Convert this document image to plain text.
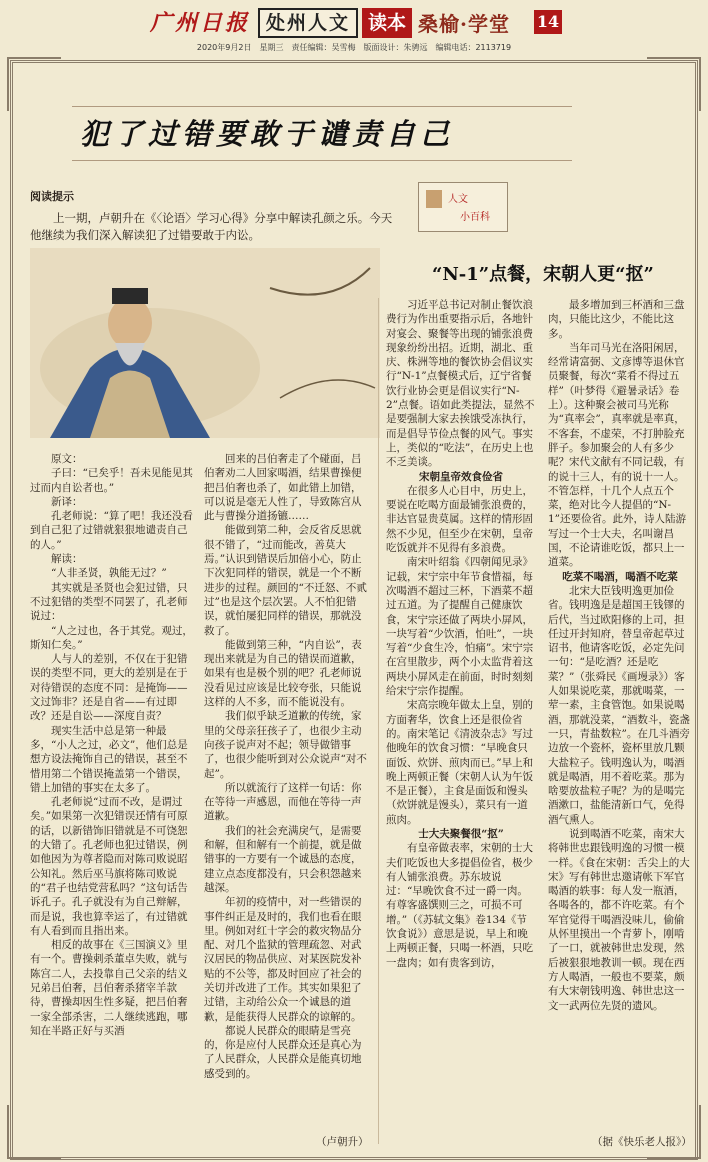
广州日报 处州人文 读本 桑榆·学堂 14
2020年9月2日　星期三　责任编辑：吴雪梅　版面设计：朱骋远　编辑电话：2113719
犯了过错要敢于谴责自己
阅读提示

上一期，卢朝升在《〈论语〉学习心得》分享中解读孔颜之乐。今天他继续为我们深入解读犯了过错要敢于内讼。

人文
小百科
“N-1”点餐，宋朝人更“抠”

原文：

子曰：“已矣乎！吾未见能见其过而内自讼者也。”

新译：

孔老师说：“算了吧！我还没看到自己犯了过错就狠狠地谴责自己的人。”

解读：

“人非圣贤，孰能无过？”

其实就是圣贤也会犯过错，只不过犯错的类型不同罢了，孔老师说过：

“人之过也，各于其党。观过，斯知仁矣。”

人与人的差别，不仅在于犯错误的类型不同，更大的差别是在于对待错误的态度不同：是掩饰——文过饰非？还是自省——有过即改？还是自讼——深度自责？

现实生活中总是第一种最多，“小人之过，必文”，他们总是想方设法掩饰自己的错误，甚至不惜用第二个错误掩盖第一个错误，错上加错的事实在太多了。

孔老师说“过而不改，是谓过矣。”如果第一次犯错误还情有可原的话，以新错饰旧错就是不可饶恕的大错了。孔老师也犯过错误，例如他因为为尊者隐而对陈司败说昭公知礼。然后巫马旗将陈司败说的“君子也结党营私吗？”这句话告诉孔子。孔子就没有为自己辩解，而是说，我也算幸运了，有过错就有人看到而且指出来。

相反的故事在《三国演义》里有一个。曹操刺杀董卓失败，就与陈宫二人，去投靠自己父亲的结义兄弟吕伯奢，吕伯奢杀猪宰羊款待，曹操却因生性多疑，把吕伯奢一家全部杀害，二人继续逃跑，哪知在半路正好与买酒

回来的吕伯奢走了个碰面，吕伯奢劝二人回家喝酒，结果曹操便把吕伯奢也杀了，如此错上加错，可以说是毫无人性了，导致陈宫从此与曹操分道扬镳……

能做到第二种，会反省反思就很不错了，“过而能改，善莫大焉。”认识到错误后加倍小心，防止下次犯同样的错误，就是一个不断进步的过程。颜回的“不迁怒、不贰过”也是这个层次罢。人不怕犯错误，就怕屡犯同样的错误，那就没救了。

能做到第三种，“内自讼”，表现出来就是为自己的错误而道歉，如果有也是极个别的吧？孔老师说没看见过应该是比较夸张，只能说这样的人不多，而不能说没有。

我们似乎缺乏道歉的传统，家里的父母亲狂孩子了，也很少主动向孩子说声对不起；领导做错事了，也很少能听到对公众说声“对不起”。

所以就流行了这样一句话：你在等待一声感恩，而他在等待一声道歉。

我们的社会充满戾气，是需要和解，但和解有一个前提，就是做错事的一方要有一个诚恳的态度，建立点态度都没有，只会积怨越来越深。

年初的疫情中，对一些错误的事件纠正是及时的，我们也看在眼里。例如对红十字会的救灾物品分配、对几个监狱的管理疏忽、对武汉居民的物品供应、对某医院发补贴的不公等，都及时回应了社会的关切并改进了工作。其实如果犯了过错，主动给公众一个诚恳的道歉，是能获得人民群众的谅解的。

都说人民群众的眼睛是雪亮的，你是应付人民群众还是真心为了人民群众，人民群众是能真切地感受到的。

习近平总书记对制止餐饮浪费行为作出重要指示后，各地针对宴会、聚餐等出现的铺张浪费现象纷纷出招。近期，湖北、重庆、株洲等地的餐饮协会倡议实行“N-1”点餐模式后，辽宁省餐饮行业协会更是倡议实行“N-2”点餐。语如此类提法，显然不是要强制大家去挨饿受冻执行，而是倡导节俭点餐的风气。事实上，类似的“吃法”，在历史上也不乏美谈。

宋朝皇帝效食俭省

在很多人心目中，历史上，要说在吃喝方面最铺张浪费的，非达官显贵莫属。这样的情形固然不少见，但至少在宋朝，皇帝吃饭就并不见得有多浪费。

南宋叶绍翁《四朝闻见录》记载，宋宁宗中年节食惜福，每次喝酒不超过三杯，下酒菜不超过五道。为了提醒自己健康饮食，宋宁宗还做了两块小屏风，一块写着“少饮酒，怕吐”，一块写着“少食生冷，怕痛”。宋宁宗在宫里散步，两个小太监背着这两块小屏风走在前面，时时刻刻给宋宁宗作提醒。

宋高宗晚年做太上皇，别的方面奢华，饮食上还是很俭省的。南宋笔记《清波杂志》写过他晚年的饮食习惯：“早晚食只面饭、炊饼、煎肉而已。”早上和晚上两顿正餐（宋朝人认为午饭不是正餐），主食是面饭和馒头（炊饼就是馒头），菜只有一道煎肉。

士大夫聚餐很“抠”

有皇帝做表率，宋朝的士大夫们吃饭也大多提倡俭省，极少有人铺张浪费。苏东坡说过：“早晚饮食不过一爵一肉。有尊客盛馔则三之，可损不可增。”（《苏轼文集》卷134《节饮食说》）意思是说，早上和晚上两顿正餐，只喝一杯酒，只吃一盘肉；如有贵客到访，

最多增加到三杯酒和三盘肉，只能比这少，不能比这多。

当年司马光在洛阳闲居，经常请富弼、文彦博等退休官员聚餐，每次“菜肴不得过五样”（叶梦得《避暑录话》卷上）。这种聚会被司马光称为“真率会”，真率就是率真，不客套，不虚荣，不打肿脸充胖子。参加聚会的人有多少呢？宋代文献有不同记载，有的说十三人，有的说十一人。不管怎样，十几个人点五个菜，绝对比今人提倡的“N-1”还要俭省。此外，诗人陆游写过一个士大夫，名叫谢昌国，不论请谁吃饭，都只上一道菜。

吃菜不喝酒，喝酒不吃菜

北宋大臣钱明逸更加俭省。钱明逸是是超国王钱镠的后代，当过欧阳修的上司，担任过开封知府，替皇帝起草过诏书，他请客吃饭，必定先问一句：“是吃酒？还是吃菜？”（张舜民《画墁录》）客人如果说吃菜，那就喝菜，一荤一素，主食管饱。如果说喝酒，那就没菜，“酒数斗，瓷盏一只，青盐数粒”。在几斗酒旁边放一个瓷杯，瓷杯里放几颗大盐粒子。钱明逸认为，喝酒就是喝酒，用不着吃菜。那为啥要放盐粒子呢？为的是喝完酒漱口，盐能清新口气，免得酒气熏人。

说到喝酒不吃菜，南宋大将韩世忠跟钱明逸的习惯一模一样。《食在宋朝：舌尖上的大宋》写有韩世忠邀请帐下军官喝酒的轶事：每人发一瓶酒，各喝各的，都不许吃菜。有个军官觉得干喝酒没味儿，偷偷从怀里摸出一个青萝卜，刚啃了一口，就被韩世忠发现，然后被狠狠地教训一顿。现在西方人喝酒，一般也不要菜，颇有大宋朝钱明逸、韩世忠这一文一武两位先贤的遗风。

（卢朝升）	（据《快乐老人报》）
